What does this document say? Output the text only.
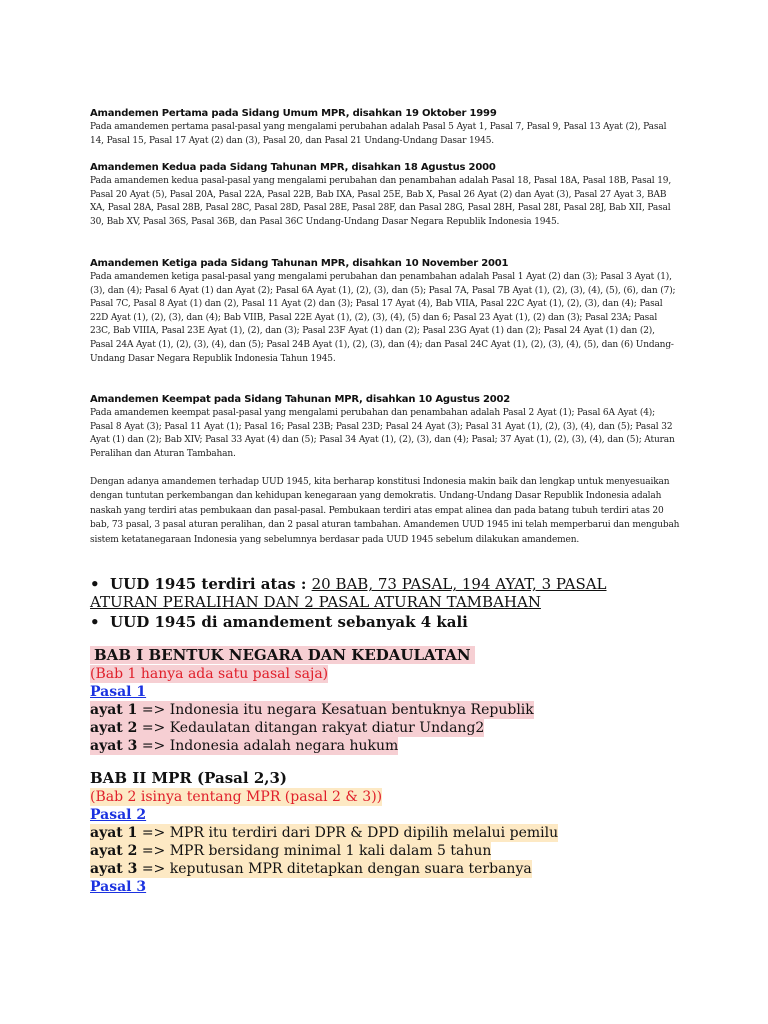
Amandemen Pertama pada Sidang Umum MPR, disahkan 19 Oktober 1999

Pada amandemen pertama pasal-pasal yang mengalami perubahan adalah Pasal 5 Ayat 1, Pasal 7, Pasal 9, Pasal 13 Ayat (2), Pasal 14, Pasal 15, Pasal 17 Ayat (2) dan (3), Pasal 20, dan Pasal 21 Undang-Undang Dasar 1945.

Amandemen Kedua pada Sidang Tahunan MPR, disahkan 18 Agustus 2000

Pada amandemen kedua pasal-pasal yang mengalami perubahan dan penambahan adalah Pasal 18, Pasal 18A, Pasal 18B, Pasal 19, Pasal 20 Ayat (5), Pasal 20A, Pasal 22A, Pasal 22B, Bab IXA, Pasal 25E, Bab X, Pasal 26 Ayat (2) dan Ayat (3), Pasal 27 Ayat 3, BAB XA, Pasal 28A, Pasal 28B, Pasal 28C, Pasal 28D, Pasal 28E, Pasal 28F, dan Pasal 28G, Pasal 28H, Pasal 28I, Pasal 28J, Bab XII, Pasal 30, Bab XV, Pasal 36S, Pasal 36B, dan Pasal 36C Undang-Undang Dasar Negara Republik Indonesia 1945.

Amandemen Ketiga pada Sidang Tahunan MPR, disahkan 10 November 2001

Pada amandemen ketiga pasal-pasal yang mengalami perubahan dan penambahan adalah Pasal 1 Ayat (2) dan (3); Pasal 3 Ayat (1), (3), dan (4); Pasal 6 Ayat (1) dan Ayat (2); Pasal 6A Ayat (1), (2), (3), dan (5); Pasal 7A, Pasal 7B Ayat (1), (2), (3), (4), (5), (6), dan (7); Pasal 7C, Pasal 8 Ayat (1) dan (2), Pasal 11 Ayat (2) dan (3); Pasal 17 Ayat (4), Bab VIIA, Pasal 22C Ayat (1), (2), (3), dan (4); Pasal 22D Ayat (1), (2), (3), dan (4); Bab VIIB, Pasal 22E Ayat (1), (2), (3), (4), (5) dan 6; Pasal 23 Ayat (1), (2) dan (3); Pasal 23A; Pasal 23C, Bab VIIIA, Pasal 23E Ayat (1), (2), dan (3); Pasal 23F Ayat (1) dan (2); Pasal 23G Ayat (1) dan (2); Pasal 24 Ayat (1) dan (2), Pasal 24A Ayat (1), (2), (3), (4), dan (5); Pasal 24B Ayat (1), (2), (3), dan (4); dan Pasal 24C Ayat (1), (2), (3), (4), (5), dan (6) Undang-Undang Dasar Negara Republik Indonesia Tahun 1945.

Amandemen Keempat pada Sidang Tahunan MPR, disahkan 10 Agustus 2002

Pada amandemen keempat pasal-pasal yang mengalami perubahan dan penambahan adalah Pasal 2 Ayat (1); Pasal 6A Ayat (4); Pasal 8 Ayat (3); Pasal 11 Ayat (1); Pasal 16; Pasal 23B; Pasal 23D; Pasal 24 Ayat (3); Pasal 31 Ayat (1), (2), (3), (4), dan (5); Pasal 32 Ayat (1) dan (2); Bab XIV; Pasal 33 Ayat (4) dan (5); Pasal 34 Ayat (1), (2), (3), dan (4); Pasal; 37 Ayat (1), (2), (3), (4), dan (5); Aturan Peralihan dan Aturan Tambahan.

Dengan adanya amandemen terhadap UUD 1945, kita berharap konstitusi Indonesia makin baik dan lengkap untuk menyesuaikan dengan tuntutan perkembangan dan kehidupan kenegaraan yang demokratis. Undang-Undang Dasar Republik Indonesia adalah naskah yang terdiri atas pembukaan dan pasal-pasal. Pembukaan terdiri atas empat alinea dan pada batang tubuh terdiri atas 20 bab, 73 pasal, 3 pasal aturan peralihan, dan 2 pasal aturan tambahan. Amandemen UUD 1945 ini telah memperbarui dan mengubah sistem ketatanegaraan Indonesia yang sebelumnya berdasar pada UUD 1945 sebelum dilakukan amandemen.

•  UUD 1945 terdiri atas : 20 BAB, 73 PASAL, 194 AYAT, 3 PASAL ATURAN PERALIHAN DAN 2 PASAL ATURAN TAMBAHAN
•  UUD 1945 di amandement sebanyak 4 kali
BAB I BENTUK NEGARA DAN KEDAULATAN
(Bab 1 hanya ada satu pasal saja)
Pasal 1
ayat 1 => Indonesia itu negara Kesatuan bentuknya Republik
ayat 2 => Kedaulatan ditangan rakyat diatur Undang2
ayat 3 => Indonesia adalah negara hukum
BAB II MPR (Pasal 2,3)
(Bab 2 isinya tentang MPR (pasal 2 & 3))
Pasal 2
ayat 1 => MPR itu terdiri dari DPR & DPD dipilih melalui pemilu
ayat 2 => MPR bersidang minimal 1 kali dalam 5 tahun
ayat 3 => keputusan MPR ditetapkan dengan suara terbanya
Pasal 3
